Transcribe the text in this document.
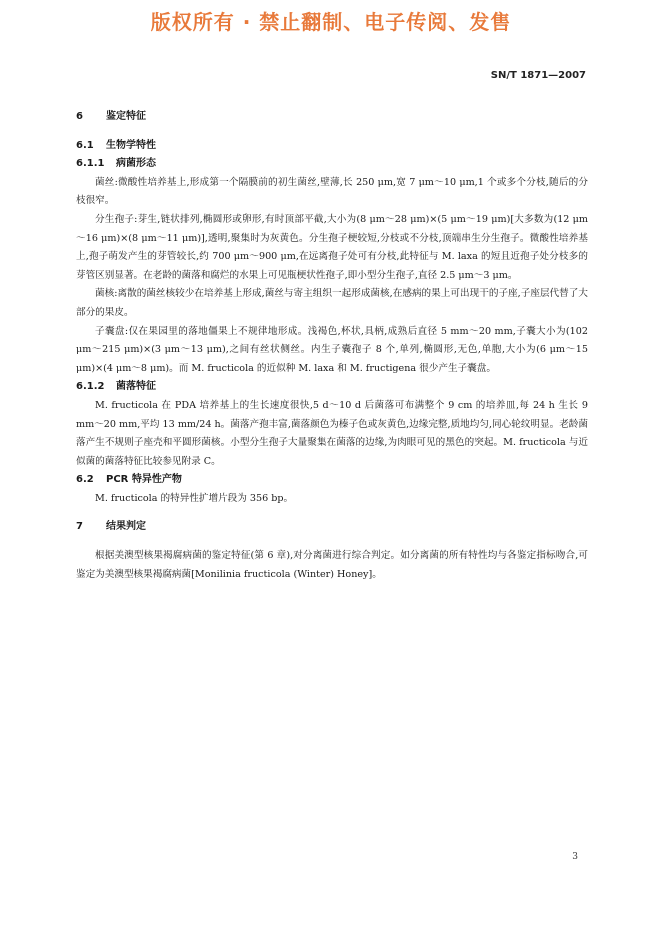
版权所有 · 禁止翻制、电子传阅、发售
SN/T 1871—2007
6 鉴定特征
6.1 生物学特性
6.1.1 病菌形态

菌丝:微酸性培养基上,形成第一个隔膜前的初生菌丝,壁薄,长 250 μm,宽 7 μm～10 μm,1 个或多个分枝,随后的分枝很窄。

分生孢子:芽生,链状排列,椭圆形或卵形,有时顶部平截,大小为(8 μm～28 μm)×(5 μm～19 μm)[大多数为(12 μm～16 μm)×(8 μm～11 μm)],透明,聚集时为灰黄色。分生孢子梗较短,分枝或不分枝,顶端串生分生孢子。微酸性培养基上,孢子萌发产生的芽管较长,约 700 μm～900 μm,在远离孢子处可有分枝,此特征与 M. laxa 的短且近孢子处分枝多的芽管区别显著。在老龄的菌落和腐烂的水果上可见瓶梗状性孢子,即小型分生孢子,直径 2.5 μm～3 μm。

菌核:离散的菌丝核较少在培养基上形成,菌丝与寄主组织一起形成菌核,在感病的果上可出现干的子座,子座层代替了大部分的果皮。

子囊盘:仅在果园里的落地僵果上不规律地形成。浅褐色,杯状,具柄,成熟后直径 5 mm～20 mm,子囊大小为(102 μm～215 μm)×(3 μm～13 μm),之间有丝状侧丝。内生子囊孢子 8 个,单列,椭圆形,无色,单胞,大小为(6 μm～15 μm)×(4 μm～8 μm)。而 M. fructicola 的近似种 M. laxa 和 M. fructigena 很少产生子囊盘。

6.1.2 菌落特征

M. fructicola 在 PDA 培养基上的生长速度很快,5 d～10 d 后菌落可布满整个 9 cm 的培养皿,每 24 h 生长 9 mm～20 mm,平均 13 mm/24 h。菌落产孢丰富,菌落颜色为榛子色或灰黄色,边缘完整,质地均匀,同心轮纹明显。老龄菌落产生不规则子座壳和平圆形菌核。小型分生孢子大量聚集在菌落的边缘,为肉眼可见的黑色的突起。M. fructicola 与近似菌的菌落特征比较参见附录 C。

6.2 PCR 特异性产物

M. fructicola 的特异性扩增片段为 356 bp。

7 结果判定

根据美澳型核果褐腐病菌的鉴定特征(第 6 章),对分离菌进行综合判定。如分离菌的所有特性均与各鉴定指标吻合,可鉴定为美澳型核果褐腐病菌[Monilinia fructicola (Winter) Honey]。

3
